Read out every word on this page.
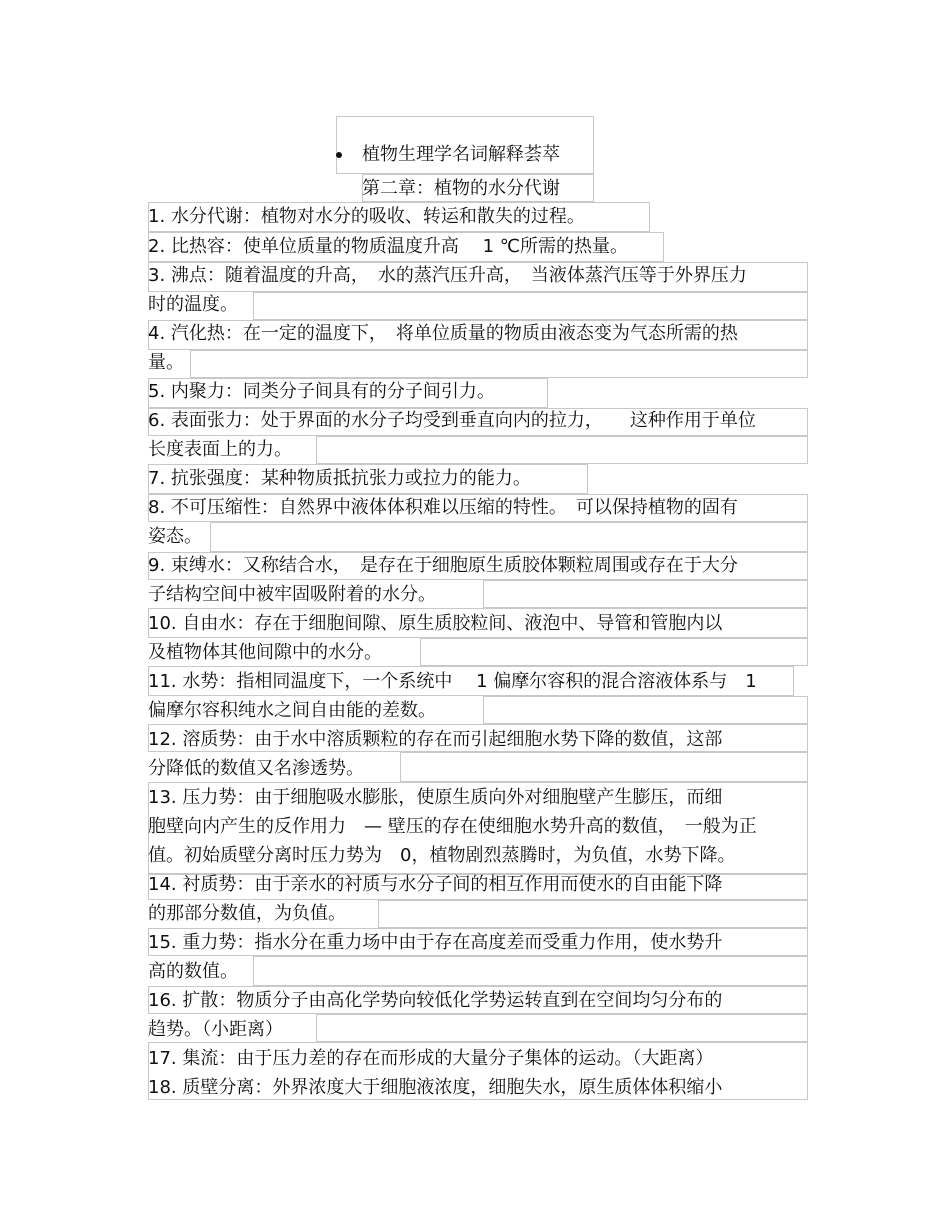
植物生理学名词解释荟萃
第二章：植物的水分代谢
1. 水分代谢：植物对水分的吸收、转运和散失的过程。
2. 比热容：使单位质量的物质温度升高　 1 ℃所需的热量。
3. 沸点：随着温度的升高，　水的蒸汽压升高，　当液体蒸汽压等于外界压力
时的温度。
4. 汽化热：在一定的温度下，　将单位质量的物质由液态变为气态所需的热
量。
5. 内聚力：同类分子间具有的分子间引力。
6. 表面张力：处于界面的水分子均受到垂直向内的拉力，　　这种作用于单位
长度表面上的力。
7. 抗张强度：某种物质抵抗张力或拉力的能力。
8. 不可压缩性：自然界中液体体积难以压缩的特性。　可以保持植物的固有
姿态。
9. 束缚水：又称结合水，　是存在于细胞原生质胶体颗粒周围或存在于大分
子结构空间中被牢固吸附着的水分。
10. 自由水：存在于细胞间隙、原生质胶粒间、液泡中、导管和管胞内以
及植物体其他间隙中的水分。
11. 水势：指相同温度下，一个系统中　 1 偏摩尔容积的混合溶液体系与　1
偏摩尔容积纯水之间自由能的差数。
12. 溶质势：由于水中溶质颗粒的存在而引起细胞水势下降的数值，这部
分降低的数值又名渗透势。
13. 压力势：由于细胞吸水膨胀，使原生质向外对细胞壁产生膨压，而细
胞壁向内产生的反作用力　— 壁压的存在使细胞水势升高的数值，　一般为正
值。初始质壁分离时压力势为　0，植物剧烈蒸腾时，为负值，水势下降。
14. 衬质势：由于亲水的衬质与水分子间的相互作用而使水的自由能下降
的那部分数值，为负值。
15. 重力势：指水分在重力场中由于存在高度差而受重力作用，使水势升
高的数值。
16. 扩散：物质分子由高化学势向较低化学势运转直到在空间均匀分布的
趋势。（小距离）
17. 集流：由于压力差的存在而形成的大量分子集体的运动。（大距离）
18. 质壁分离：外界浓度大于细胞液浓度，细胞失水，原生质体体积缩小
